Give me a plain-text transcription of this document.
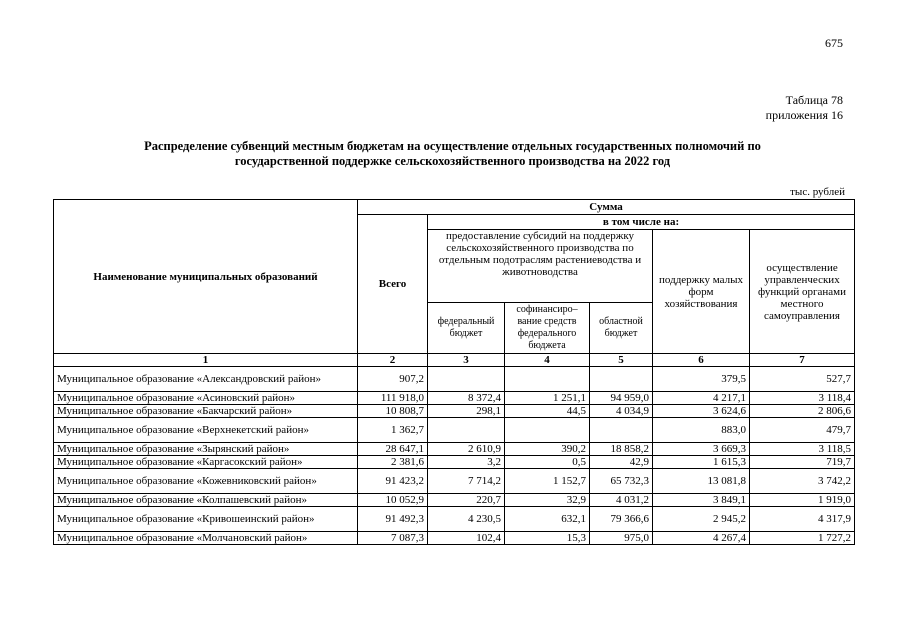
675
Таблица 78
приложения 16
Распределение субвенций местным бюджетам на осуществление отдельных государственных полномочий по
государственной поддержке сельскохозяйственного производства на 2022 год
тыс. рублей
Наименование муниципальных образований	Сумма					
	Всего	в том числе на:				
		предоставление субсидий на поддержку сельскохозяйственного производства по отдельным подотраслям растениеводства и животноводства			поддержку малых форм хозяйствования	осуществление управленческих функций органами местного самоуправления
		федеральный бюджет	софинансиро–вание средств федерального бюджета	областной бюджет		
1	2	3	4	5	6	7
Муниципальное образование «Александровский район»	907,2				379,5	527,7
Муниципальное образование «Асиновский район»	111 918,0	8 372,4	1 251,1	94 959,0	4 217,1	3 118,4
Муниципальное образование «Бакчарский район»	10 808,7	298,1	44,5	4 034,9	3 624,6	2 806,6
Муниципальное образование «Верхнекетский район»	1 362,7				883,0	479,7
Муниципальное образование «Зырянский район»	28 647,1	2 610,9	390,2	18 858,2	3 669,3	3 118,5
Муниципальное образование «Каргасокский район»	2 381,6	3,2	0,5	42,9	1 615,3	719,7
Муниципальное образование «Кожевниковский район»	91 423,2	7 714,2	1 152,7	65 732,3	13 081,8	3 742,2
Муниципальное образование «Колпашевский район»	10 052,9	220,7	32,9	4 031,2	3 849,1	1 919,0
Муниципальное образование «Кривошеинский район»	91 492,3	4 230,5	632,1	79 366,6	2 945,2	4 317,9
Муниципальное образование «Молчановский район»	7 087,3	102,4	15,3	975,0	4 267,4	1 727,2
